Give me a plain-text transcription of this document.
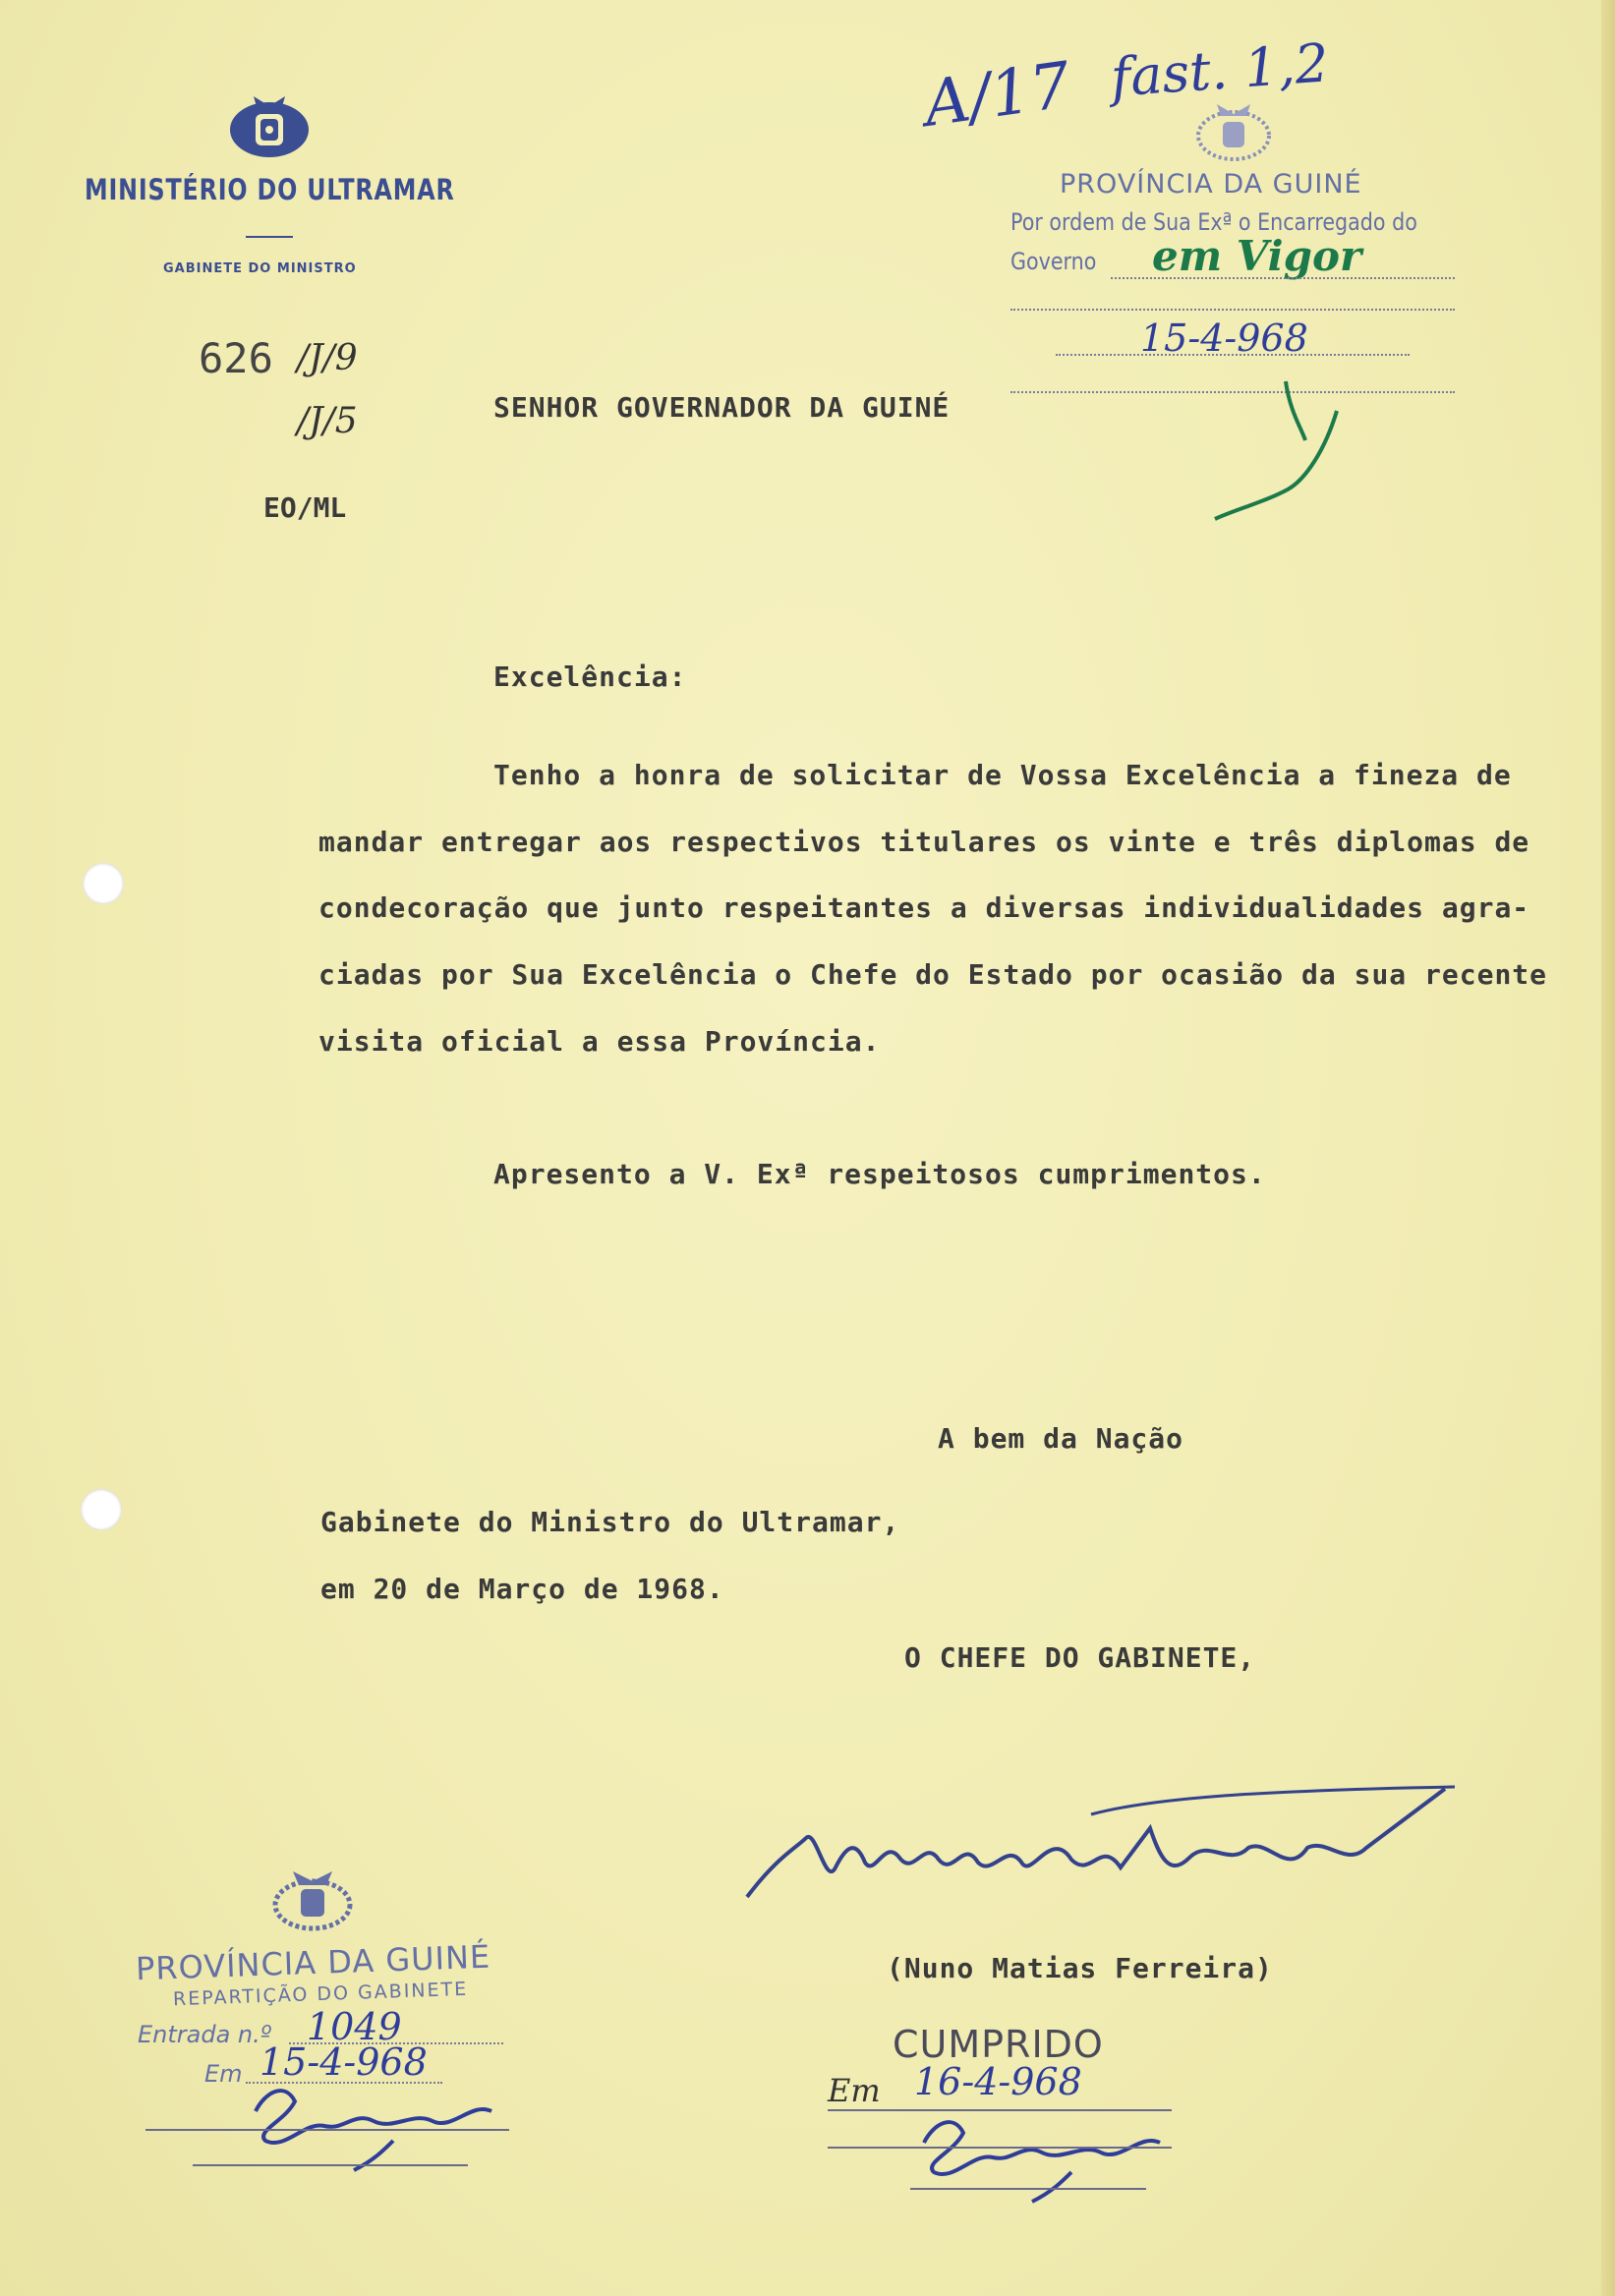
MINISTÉRIO DO ULTRAMAR
GABINETE DO MINISTRO
626 /J/9
/J/5
EO/ML
A/17 fast. 1,2
PROVÍNCIA DA GUINÉ
Por ordem de Sua Exª o Encarregado do
Governo em Vigor
15-4-968
SENHOR GOVERNADOR DA GUINÉ
Excelência:
Tenho a honra de solicitar de Vossa Excelência a fineza de
mandar entregar aos respectivos titulares os vinte e três diplomas de
condecoração que junto respeitantes a diversas individualidades agra-
ciadas por Sua Excelência o Chefe do Estado por ocasião da sua recente
visita oficial a essa Província.
Apresento a V. Exª respeitosos cumprimentos.
A bem da Nação
Gabinete do Ministro do Ultramar,
em 20 de Março de 1968.
O CHEFE DO GABINETE,
(Nuno Matias Ferreira)
PROVÍNCIA DA GUINÉ
REPARTIÇÃO DO GABINETE
Entrada n.º 1049
Em 15-4-968	CUMPRIDO
Em 16-4-968
